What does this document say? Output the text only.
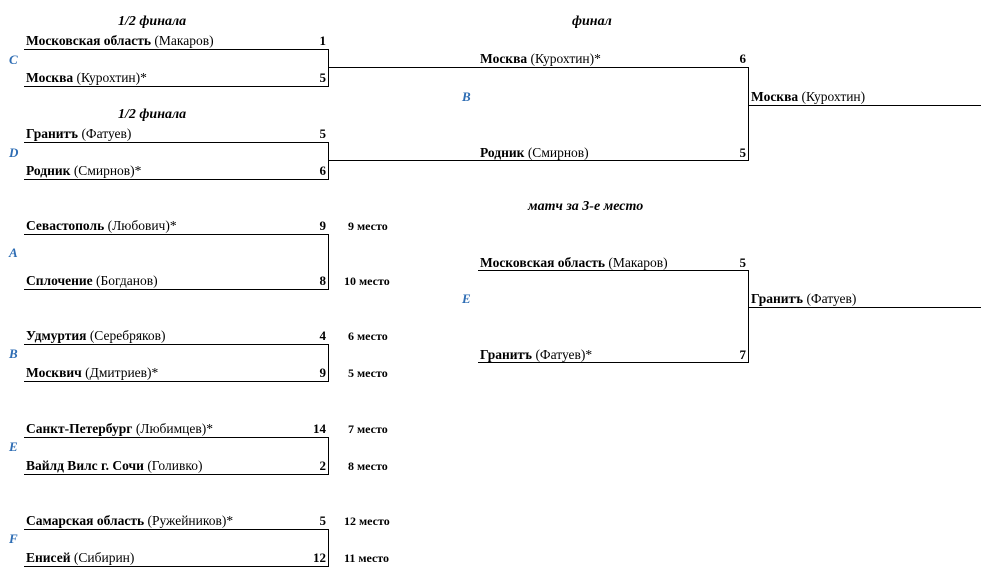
1/2 финала
C
Московская область (Макаров)	1
Москва (Курохтин)*	5
1/2 финала
D
Гранитъ (Фатуев)	5
Родник (Смирнов)*	6
A
Севастополь (Любович)*	9 9 место
Сплочение (Богданов)	8 10 место
B
Удмуртия (Серебряков)	4 6 место
Москвич (Дмитриев)*	9 5 место
E
Санкт-Петербург (Любимцев)*	14 7 место
Вайлд Вилс г. Сочи (Голивко)	2 8 место
F
Самарская область (Ружейников)*	5 12 место
Енисей (Сибирин)	12 11 место
финал
B
Москва (Курохтин)*	6
Родник (Смирнов)	5
Москва (Курохтин)
матч за 3-е место
E
Московская область (Макаров)	5
Гранитъ (Фатуев)*	7
Гранитъ (Фатуев)
